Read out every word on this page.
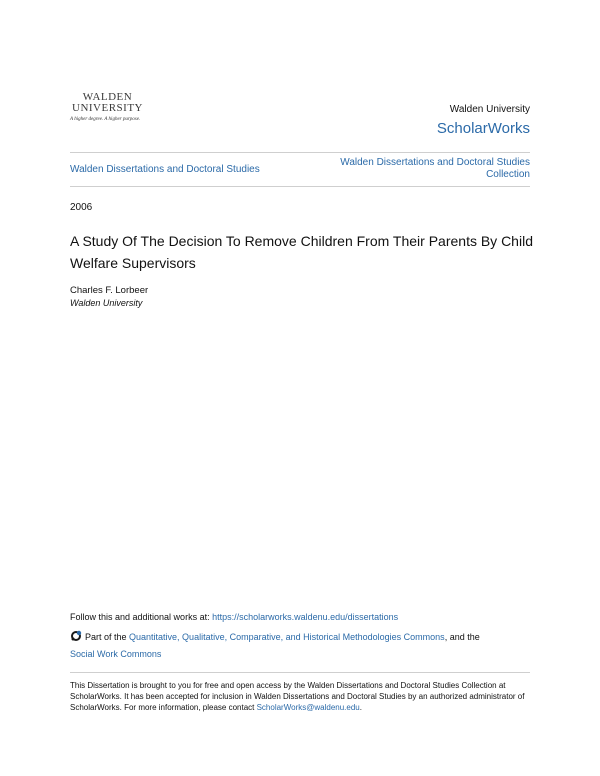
WALDEN
UNIVERSITY
A higher degree. A higher purpose.
Walden University
ScholarWorks
Walden Dissertations and Doctoral Studies
Walden Dissertations and Doctoral Studies Collection
2006
A Study Of The Decision To Remove Children From Their Parents By Child Welfare Supervisors
Charles F. Lorbeer
Walden University
Follow this and additional works at: https://scholarworks.waldenu.edu/dissertations
Part of the Quantitative, Qualitative, Comparative, and Historical Methodologies Commons, and the
Social Work Commons
This Dissertation is brought to you for free and open access by the Walden Dissertations and Doctoral Studies Collection at ScholarWorks. It has been accepted for inclusion in Walden Dissertations and Doctoral Studies by an authorized administrator of ScholarWorks. For more information, please contact ScholarWorks@waldenu.edu.
